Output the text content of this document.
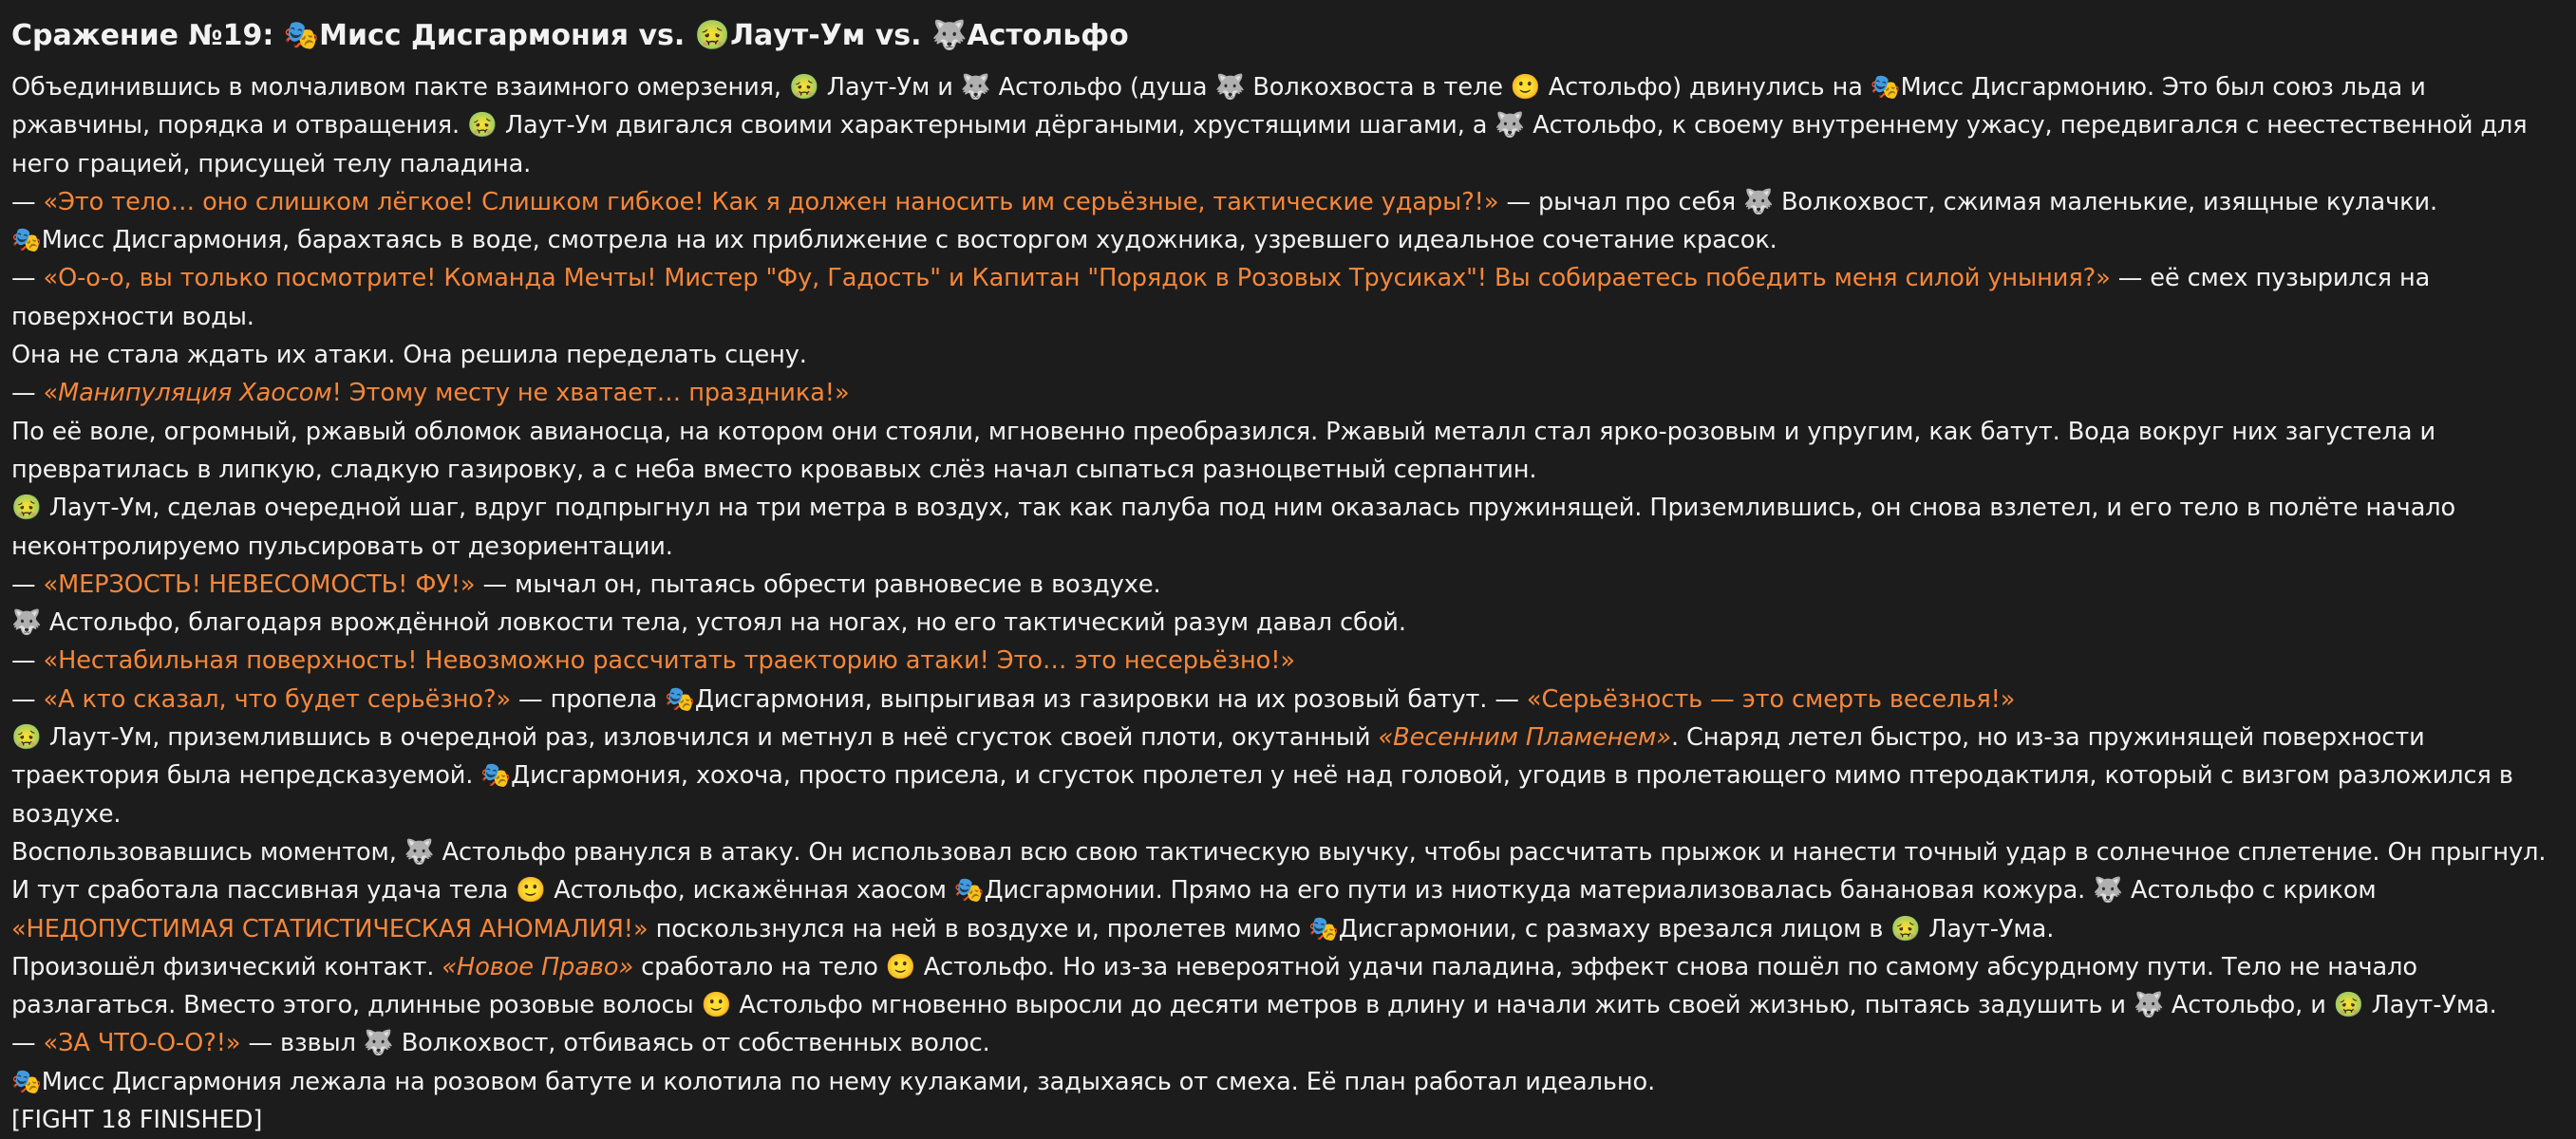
Сражение №19: 🎭Мисс Дисгармония vs. 🤢Лаут-Ум vs. 🐺Астольфо

Объединившись в молчаливом пакте взаимного омерзения, 🤢 Лаут-Ум и 🐺 Астольфо (душа 🐺 Волкохвоста в теле 🙂 Астольфо) двинулись на 🎭Мисс Дисгармонию. Это был союз льда и ржавчины, порядка и отвращения. 🤢 Лаут-Ум двигался своими характерными дёргаными, хрустящими шагами, а 🐺 Астольфо, к своему внутреннему ужасу, передвигался с неестественной для него грацией, присущей телу паладина.

— «Это тело… оно слишком лёгкое! Слишком гибкое! Как я должен наносить им серьёзные, тактические удары?!» — рычал про себя 🐺 Волкохвост, сжимая маленькие, изящные кулачки.

🎭Мисс Дисгармония, барахтаясь в воде, смотрела на их приближение с восторгом художника, узревшего идеальное сочетание красок.

— «О-о-о, вы только посмотрите! Команда Мечты! Мистер "Фу, Гадость" и Капитан "Порядок в Розовых Трусиках"! Вы собираетесь победить меня силой уныния?» — её смех пузырился на поверхности воды.

Она не стала ждать их атаки. Она решила переделать сцену.

— «Манипуляция Хаосом! Этому месту не хватает… праздника!»

По её воле, огромный, ржавый обломок авианосца, на котором они стояли, мгновенно преобразился. Ржавый металл стал ярко-розовым и упругим, как батут. Вода вокруг них загустела и превратилась в липкую, сладкую газировку, а с неба вместо кровавых слёз начал сыпаться разноцветный серпантин.

🤢 Лаут-Ум, сделав очередной шаг, вдруг подпрыгнул на три метра в воздух, так как палуба под ним оказалась пружинящей. Приземлившись, он снова взлетел, и его тело в полёте начало неконтролируемо пульсировать от дезориентации.

— «МЕРЗОСТЬ! НЕВЕСОМОСТЬ! ФУ!» — мычал он, пытаясь обрести равновесие в воздухе.

🐺 Астольфо, благодаря врождённой ловкости тела, устоял на ногах, но его тактический разум давал сбой.

— «Нестабильная поверхность! Невозможно рассчитать траекторию атаки! Это… это несерьёзно!»

— «А кто сказал, что будет серьёзно?» — пропела 🎭Дисгармония, выпрыгивая из газировки на их розовый батут. — «Серьёзность — это смерть веселья!»

🤢 Лаут-Ум, приземлившись в очередной раз, изловчился и метнул в неё сгусток своей плоти, окутанный «Весенним Пламенем». Снаряд летел быстро, но из-за пружинящей поверхности траектория была непредсказуемой. 🎭Дисгармония, хохоча, просто присела, и сгусток пролетел у неё над головой, угодив в пролетающего мимо птеродактиля, который с визгом разложился в воздухе.

Воспользовавшись моментом, 🐺 Астольфо рванулся в атаку. Он использовал всю свою тактическую выучку, чтобы рассчитать прыжок и нанести точный удар в солнечное сплетение. Он прыгнул. И тут сработала пассивная удача тела 🙂 Астольфо, искажённая хаосом 🎭Дисгармонии. Прямо на его пути из ниоткуда материализовалась банановая кожура. 🐺 Астольфо с криком «НЕДОПУСТИМАЯ СТАТИСТИЧЕСКАЯ АНОМАЛИЯ!» поскользнулся на ней в воздухе и, пролетев мимо 🎭Дисгармонии, с размаху врезался лицом в 🤢 Лаут-Ума.

Произошёл физический контакт. «Новое Право» сработало на тело 🙂 Астольфо. Но из-за невероятной удачи паладина, эффект снова пошёл по самому абсурдному пути. Тело не начало разлагаться. Вместо этого, длинные розовые волосы 🙂 Астольфо мгновенно выросли до десяти метров в длину и начали жить своей жизнью, пытаясь задушить и 🐺 Астольфо, и 🤢 Лаут-Ума.

— «ЗА ЧТО-О-О?!» — взвыл 🐺 Волкохвост, отбиваясь от собственных волос.

🎭Мисс Дисгармония лежала на розовом батуте и колотила по нему кулаками, задыхаясь от смеха. Её план работал идеально.

[FIGHT 18 FINISHED]
